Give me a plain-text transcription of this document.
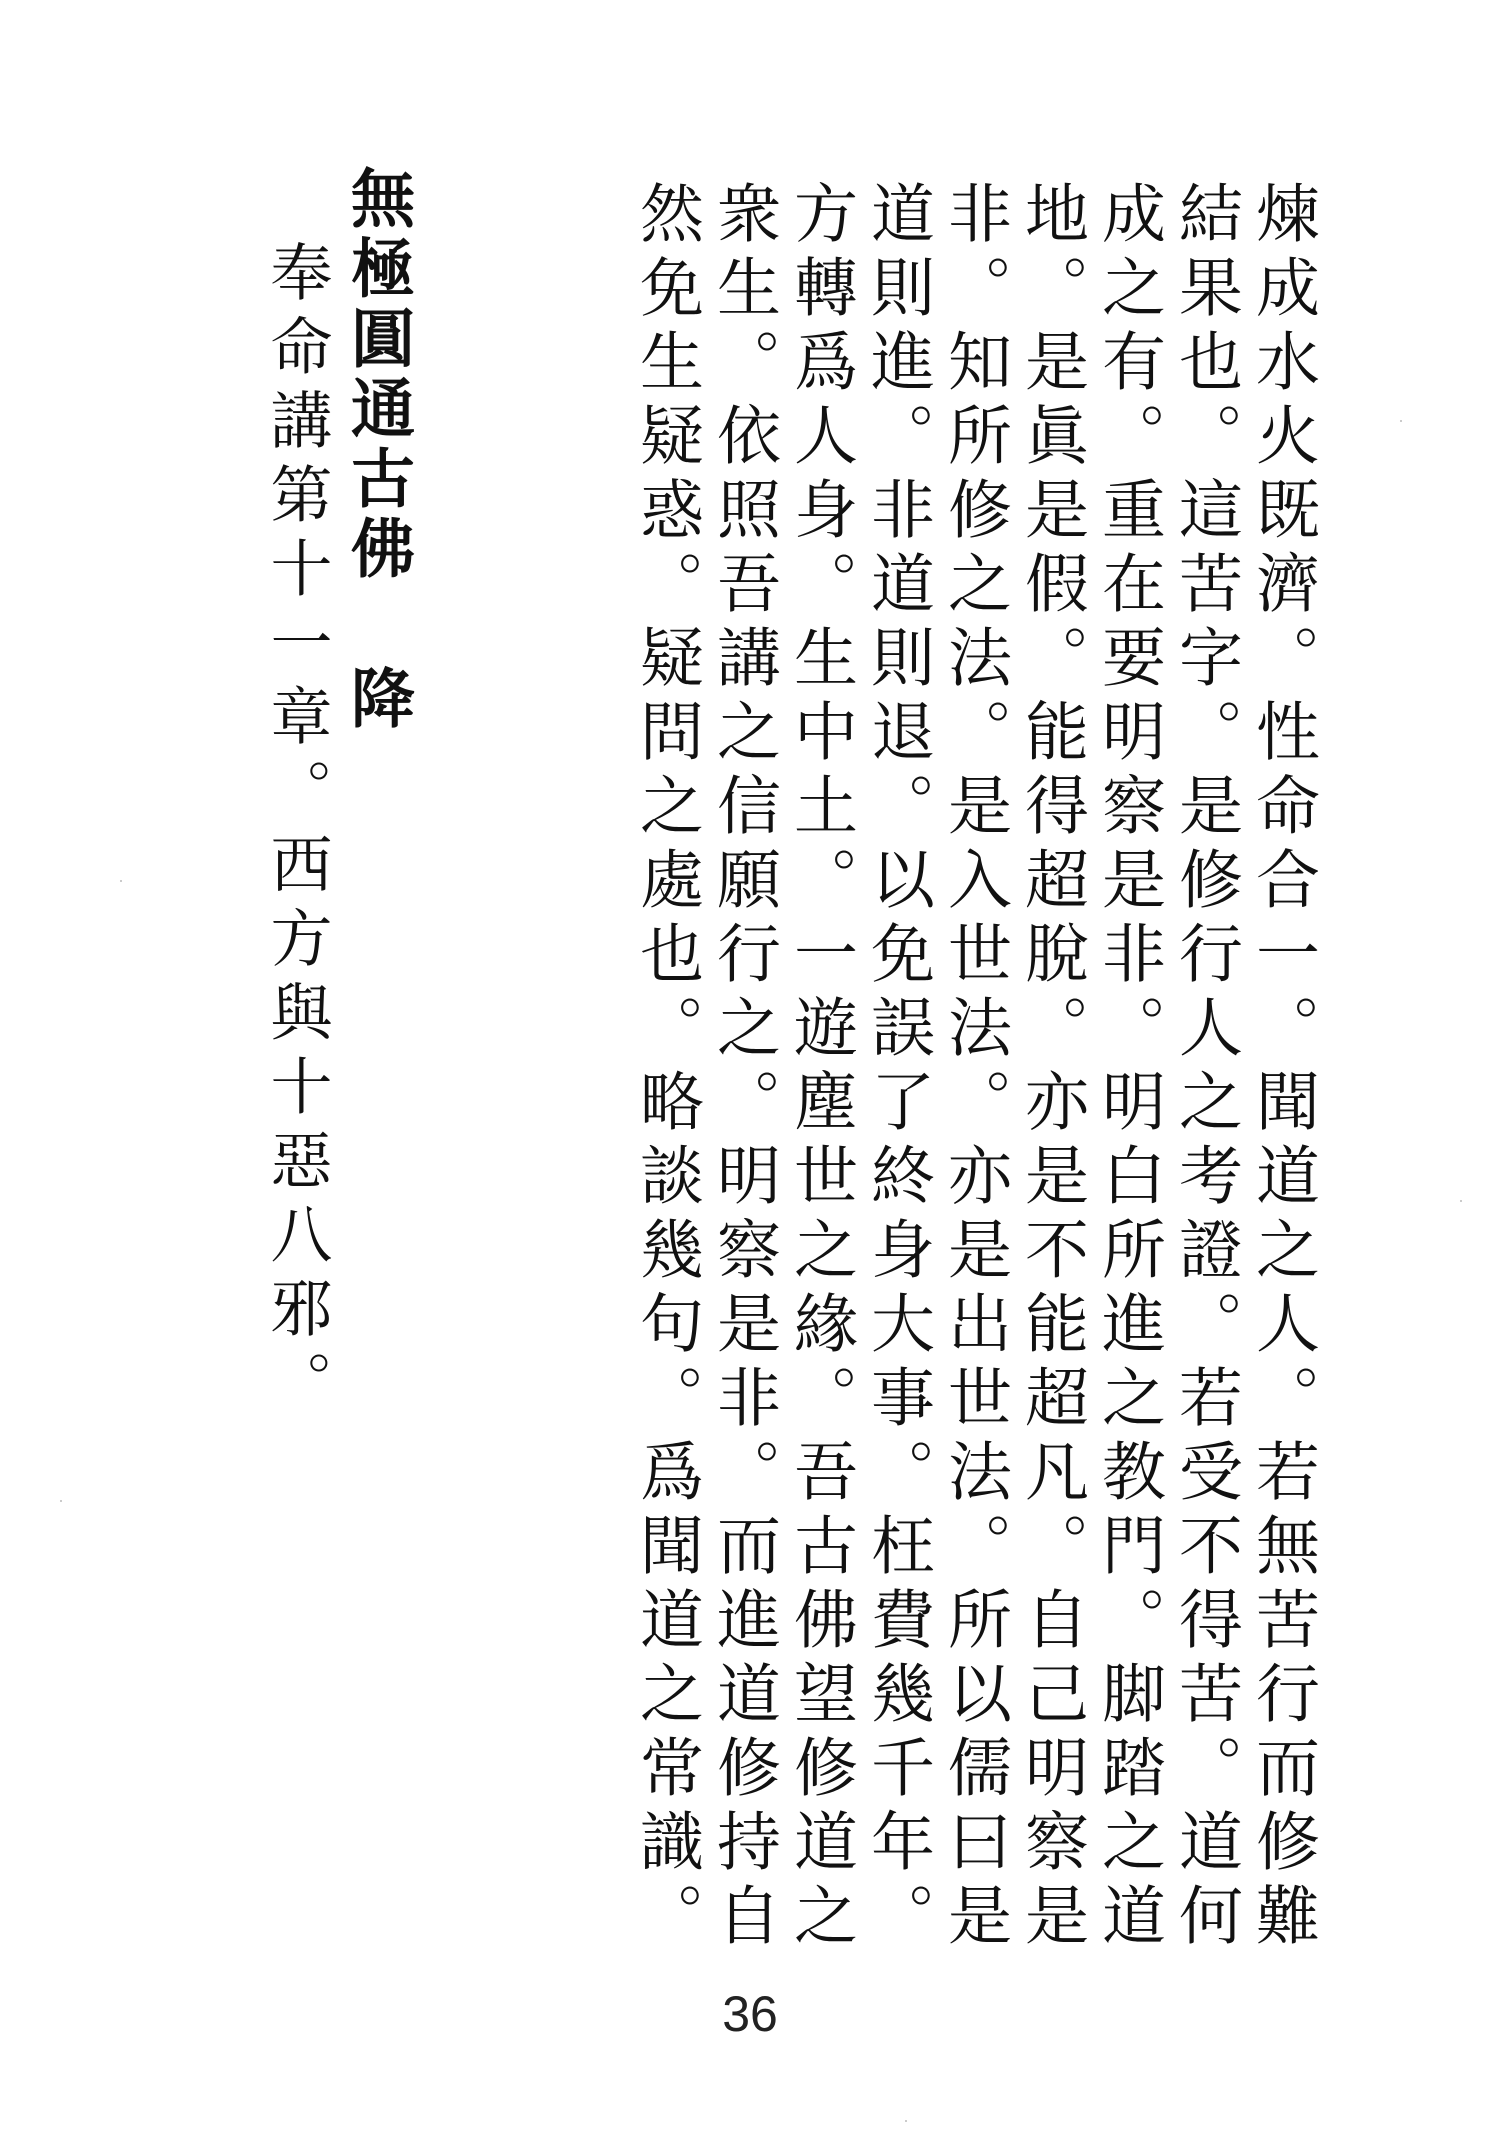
無極圓通古佛 降
奉命講第十一章。西方與十惡八邪。	煉成水火既濟。性命合一。聞道之人。若無苦行而修難結果也。這苦字。是修行人之考證。若受不得苦。道何成之有。重在要明察是非。明白所進之教門。脚踏之道地。是眞是假。能得超脫。亦是不能超凡。自己明察是非。知所修之法。是入世法。亦是出世法。所以儒曰是道則進。非道則退。以免誤了終身大事。枉費幾千年。方轉爲人身。生中土。一遊塵世之緣。吾古佛望修道之衆生。依照吾講之信願行之。明察是非。而進道修持自然免生疑惑。疑問之處也。略談幾句。爲聞道之常識。
36
